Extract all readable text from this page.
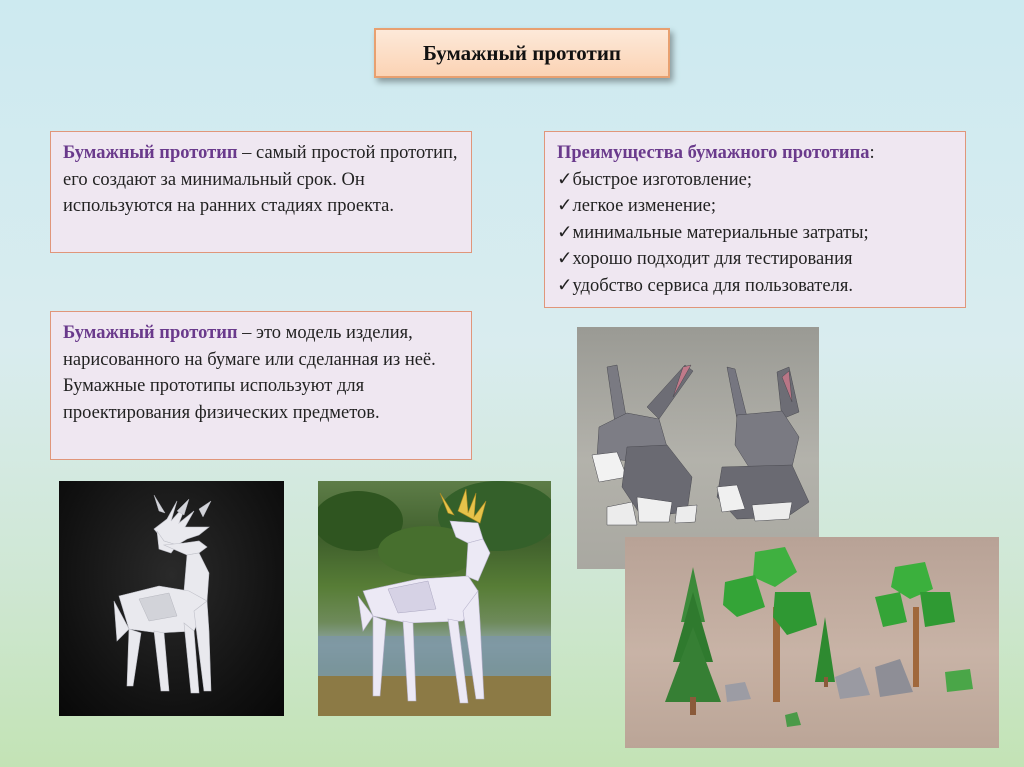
Бумажный прототип
Бумажный прототип – самый простой прототип, его создают за минимальный срок. Он используются на ранних стадиях проекта.
Преимущества бумажного прототипа:
✓быстрое изготовление;
✓легкое изменение;
✓минимальные материальные затраты;
✓хорошо подходит для тестирования
✓удобство сервиса для пользователя.
Бумажный прототип – это модель изделия, нарисованного на бумаге или сделанная из неё. Бумажные прототипы используют для проектирования физических предметов.
